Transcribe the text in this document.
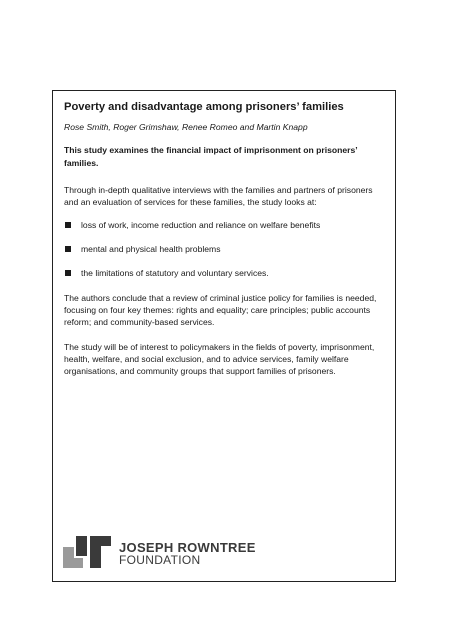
Poverty and disadvantage among prisoners’ families
Rose Smith, Roger Grimshaw, Renee Romeo and Martin Knapp
This study examines the financial impact of imprisonment on prisoners’ families.
Through in-depth qualitative interviews with the families and partners of prisoners and an evaluation of services for these families, the study looks at:
loss of work, income reduction and reliance on welfare benefits
mental and physical health problems
the limitations of statutory and voluntary services.
The authors conclude that a review of criminal justice policy for families is needed, focusing on four key themes: rights and equality; care principles; public accounts reform; and community-based services.
The study will be of interest to policymakers in the fields of poverty, imprisonment, health, welfare, and social exclusion, and to advice services, family welfare organisations, and community groups that support families of prisoners.
JOSEPH ROWNTREE
FOUNDATION
